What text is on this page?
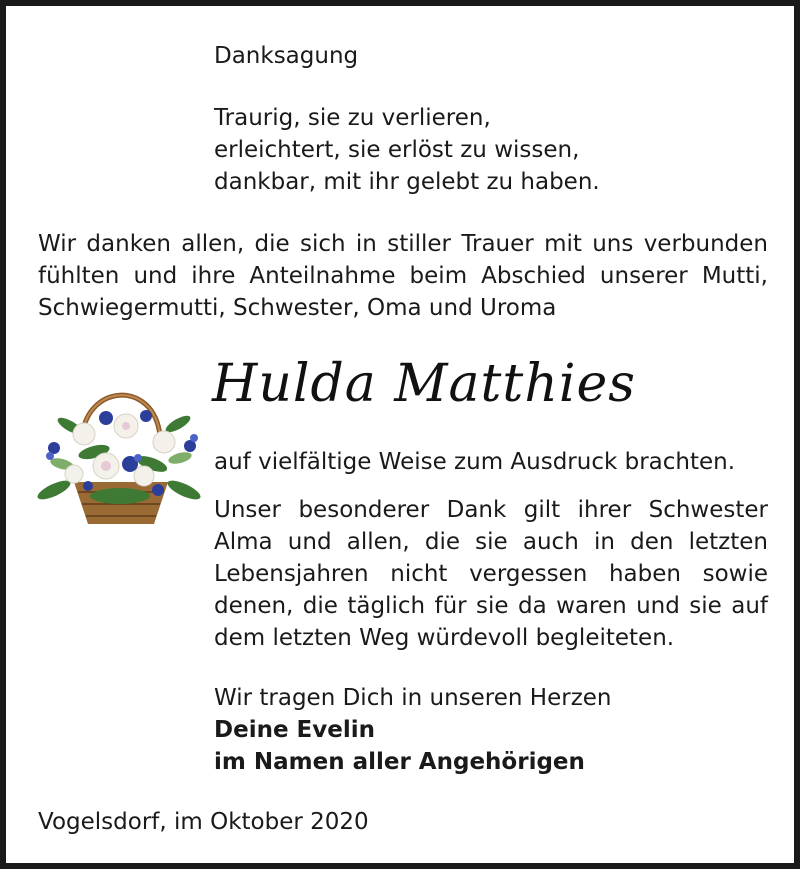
Danksagung

Traurig, sie zu verlieren,

erleichtert, sie erlöst zu wissen,

dankbar, mit ihr gelebt zu haben.

Wir danken allen, die sich in stiller Trauer mit uns verbunden

fühlten und ihre Anteilnahme beim Abschied unserer Mutti,

Schwiegermutti, Schwester, Oma und Uroma

Hulda Matthies

auf vielfältige Weise zum Ausdruck brachten.

Unser besonderer Dank gilt ihrer Schwester

Alma und allen, die sie auch in den letzten

Lebensjahren nicht vergessen haben sowie

denen, die täglich für sie da waren und sie auf

dem letzten Weg würdevoll begleiteten.

Wir tragen Dich in unseren Herzen

Deine Evelin

im Namen aller Angehörigen

Vogelsdorf, im Oktober 2020
